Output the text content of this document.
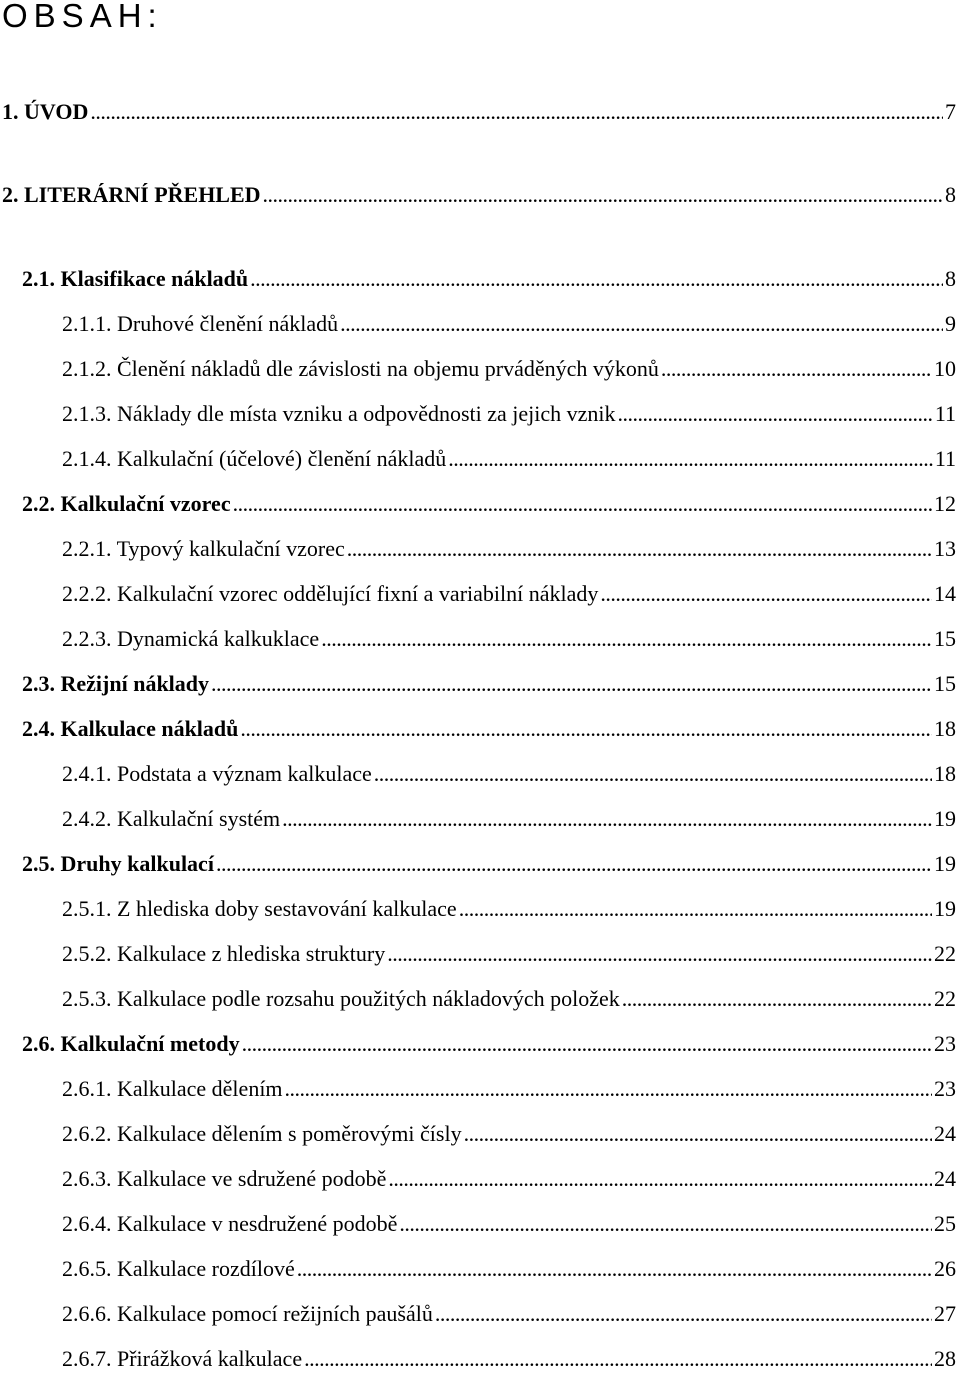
OBSAH:
1. ÚVOD . . .	7
2. LITERÁRNÍ PŘEHLED . . .	8
2.1. Klasifikace nákladů . . .	8
2.1.1. Druhové členění nákladů . . .	9
2.1.2. Členění nákladů dle závislosti na objemu prváděných výkonů . . .	10
2.1.3. Náklady dle místa vzniku a odpovědnosti za jejich vznik . . .	11
2.1.4. Kalkulační (účelové) členění nákladů . . .	11
2.2. Kalkulační vzorec . . .	12
2.2.1. Typový kalkulační vzorec . . .	13
2.2.2. Kalkulační vzorec oddělující fixní a variabilní náklady . . .	14
2.2.3. Dynamická kalkuklace . . .	15
2.3. Režijní náklady . . .	15
2.4. Kalkulace nákladů . . .	18
2.4.1. Podstata a význam kalkulace . . .	18
2.4.2. Kalkulační systém . . .	19
2.5. Druhy kalkulací . . .	19
2.5.1. Z hlediska doby sestavování kalkulace . . .	19
2.5.2. Kalkulace z hlediska struktury . . .	22
2.5.3. Kalkulace podle rozsahu použitých nákladových položek . . .	22
2.6. Kalkulační metody . . .	23
2.6.1. Kalkulace dělením . . .	23
2.6.2. Kalkulace dělením s poměrovými čísly . . .	24
2.6.3. Kalkulace ve sdružené podobě . . .	24
2.6.4. Kalkulace v nesdružené podobě . . .	25
2.6.5. Kalkulace rozdílové . . .	26
2.6.6. Kalkulace pomocí režijních paušálů . . .	27
2.6.7. Přirážková kalkulace . . .	28
